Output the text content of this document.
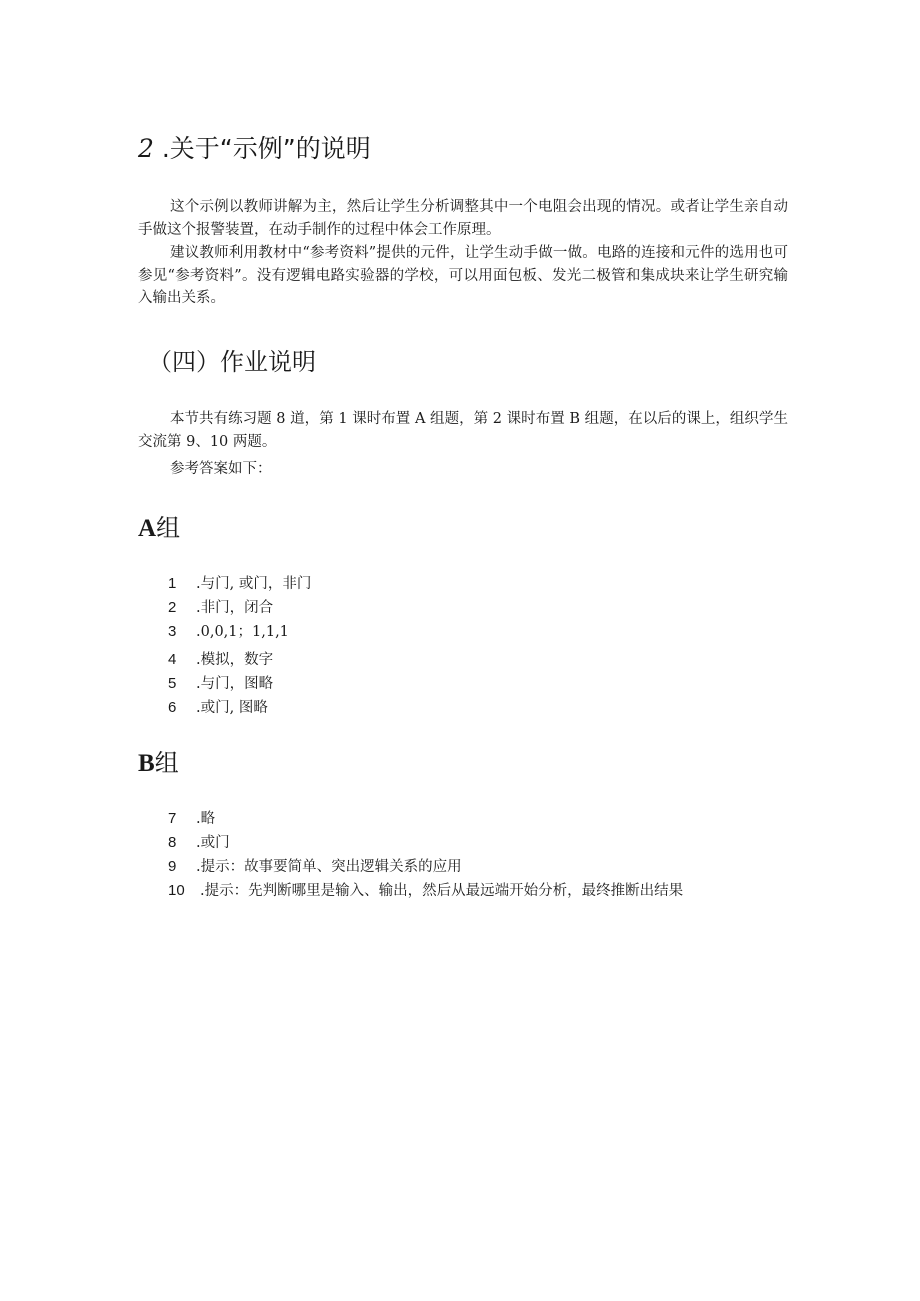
2 .关于“示例”的说明

这个示例以教师讲解为主，然后让学生分析调整其中一个电阻会出现的情况。或者让学生亲自动手做这个报警装置，在动手制作的过程中体会工作原理。

建议教师利用教材中“参考资料”提供的元件，让学生动手做一做。电路的连接和元件的选用也可参见“参考资料”。没有逻辑电路实验器的学校，可以用面包板、发光二极管和集成块来让学生研究输入输出关系。

（四）作业说明

本节共有练习题 8 道，第 1 课时布置 A 组题，第 2 课时布置 B 组题，在以后的课上，组织学生交流第 9、10 两题。

参考答案如下：

A组

1 .与门, 或门，非门

2 .非门，闭合

3 .0,0,1；1,1,1

4 .模拟，数字

5 .与门，图略

6 .或门, 图略

B组

7 .略

8 .或门

9 .提示：故事要简单、突出逻辑关系的应用

10 .提示：先判断哪里是输入、输出，然后从最远端开始分析，最终推断出结果
